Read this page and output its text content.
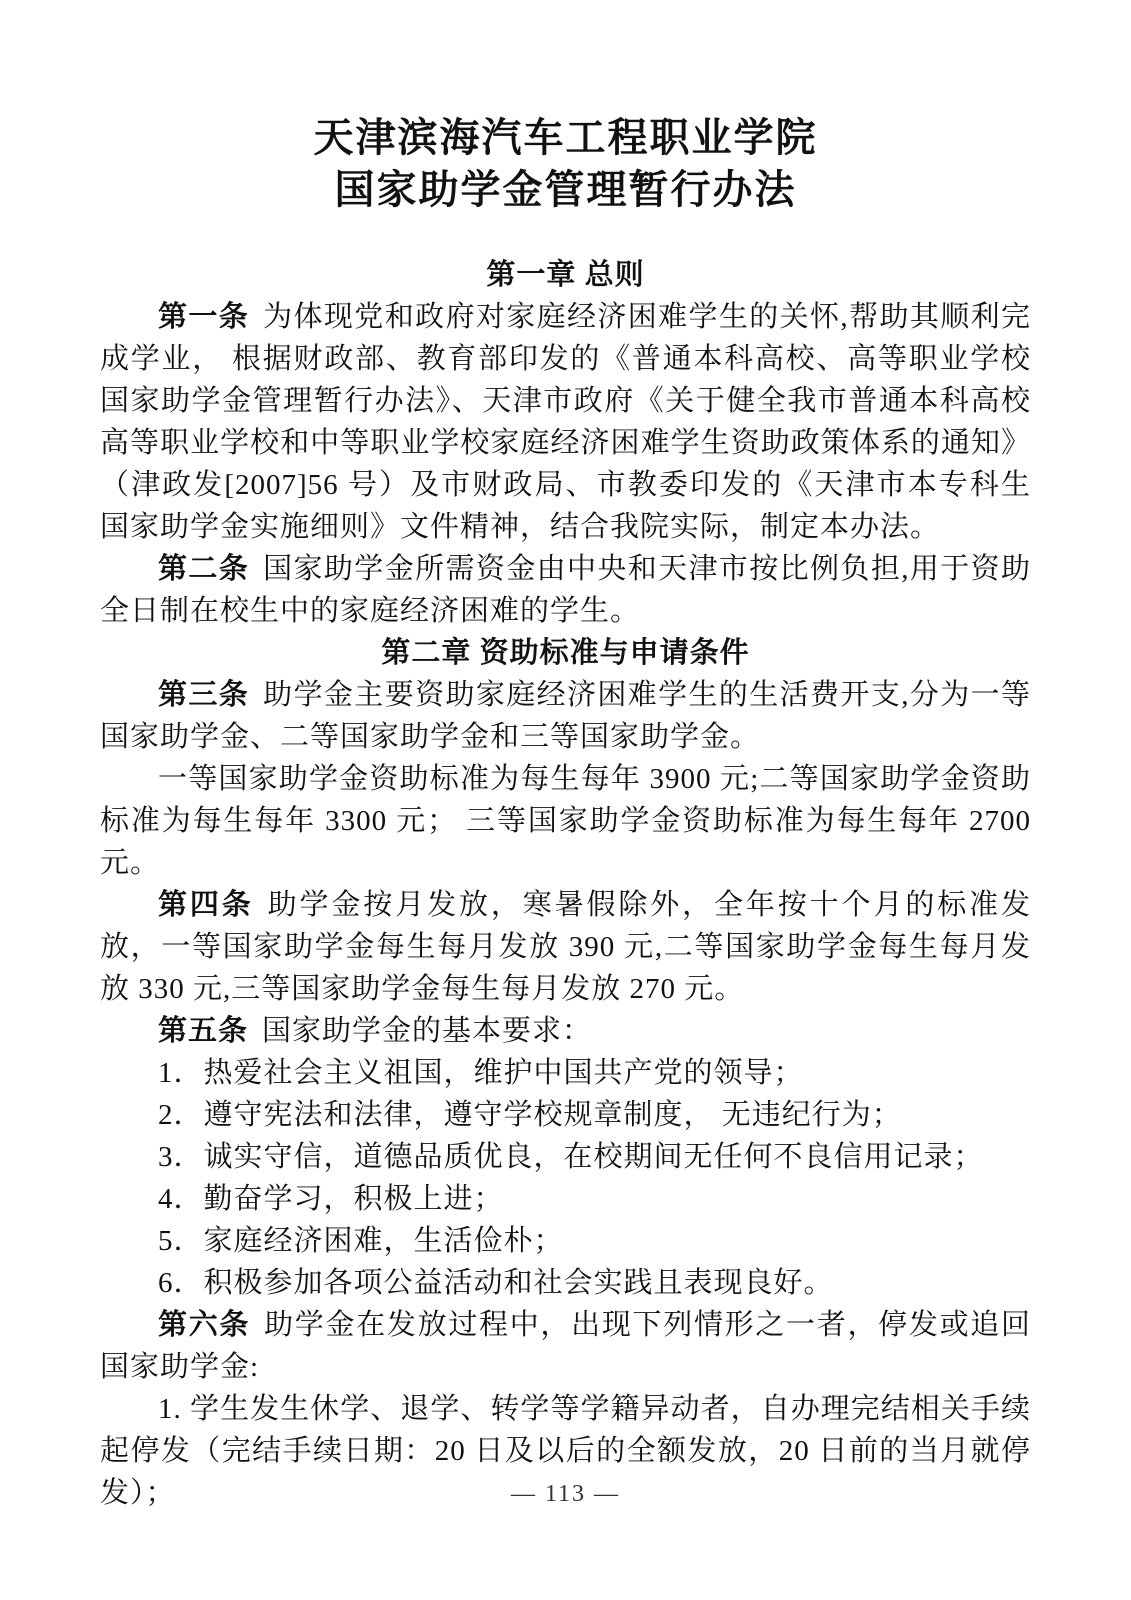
天津滨海汽车工程职业学院
国家助学金管理暂行办法
第一章 总则

第一条 为体现党和政府对家庭经济困难学生的关怀,帮助其顺利完成学业， 根据财政部、教育部印发的《普通本科高校、高等职业学校国家助学金管理暂行办法》、天津市政府《关于健全我市普通本科高校高等职业学校和中等职业学校家庭经济困难学生资助政策体系的通知》（津政发[2007]56 号）及市财政局、市教委印发的《天津市本专科生国家助学金实施细则》文件精神，结合我院实际，制定本办法。

第二条 国家助学金所需资金由中央和天津市按比例负担,用于资助全日制在校生中的家庭经济困难的学生。

第二章 资助标准与申请条件

第三条 助学金主要资助家庭经济困难学生的生活费开支,分为一等国家助学金、二等国家助学金和三等国家助学金。

一等国家助学金资助标准为每生每年 3900 元;二等国家助学金资助标准为每生每年 3300 元； 三等国家助学金资助标准为每生每年 2700 元。

第四条 助学金按月发放，寒暑假除外，全年按十个月的标准发放，一等国家助学金每生每月发放 390 元,二等国家助学金每生每月发放 330 元,三等国家助学金每生每月发放 270 元。

第五条 国家助学金的基本要求：

1．热爱社会主义祖国，维护中国共产党的领导；

2．遵守宪法和法律，遵守学校规章制度， 无违纪行为；

3．诚实守信，道德品质优良，在校期间无任何不良信用记录；

4．勤奋学习，积极上进；

5．家庭经济困难，生活俭朴；

6．积极参加各项公益活动和社会实践且表现良好。

第六条 助学金在发放过程中，出现下列情形之一者，停发或追回国家助学金:

1. 学生发生休学、退学、转学等学籍异动者，自办理完结相关手续起停发（完结手续日期：20 日及以后的全额发放，20 日前的当月就停发）；	— 113 —
